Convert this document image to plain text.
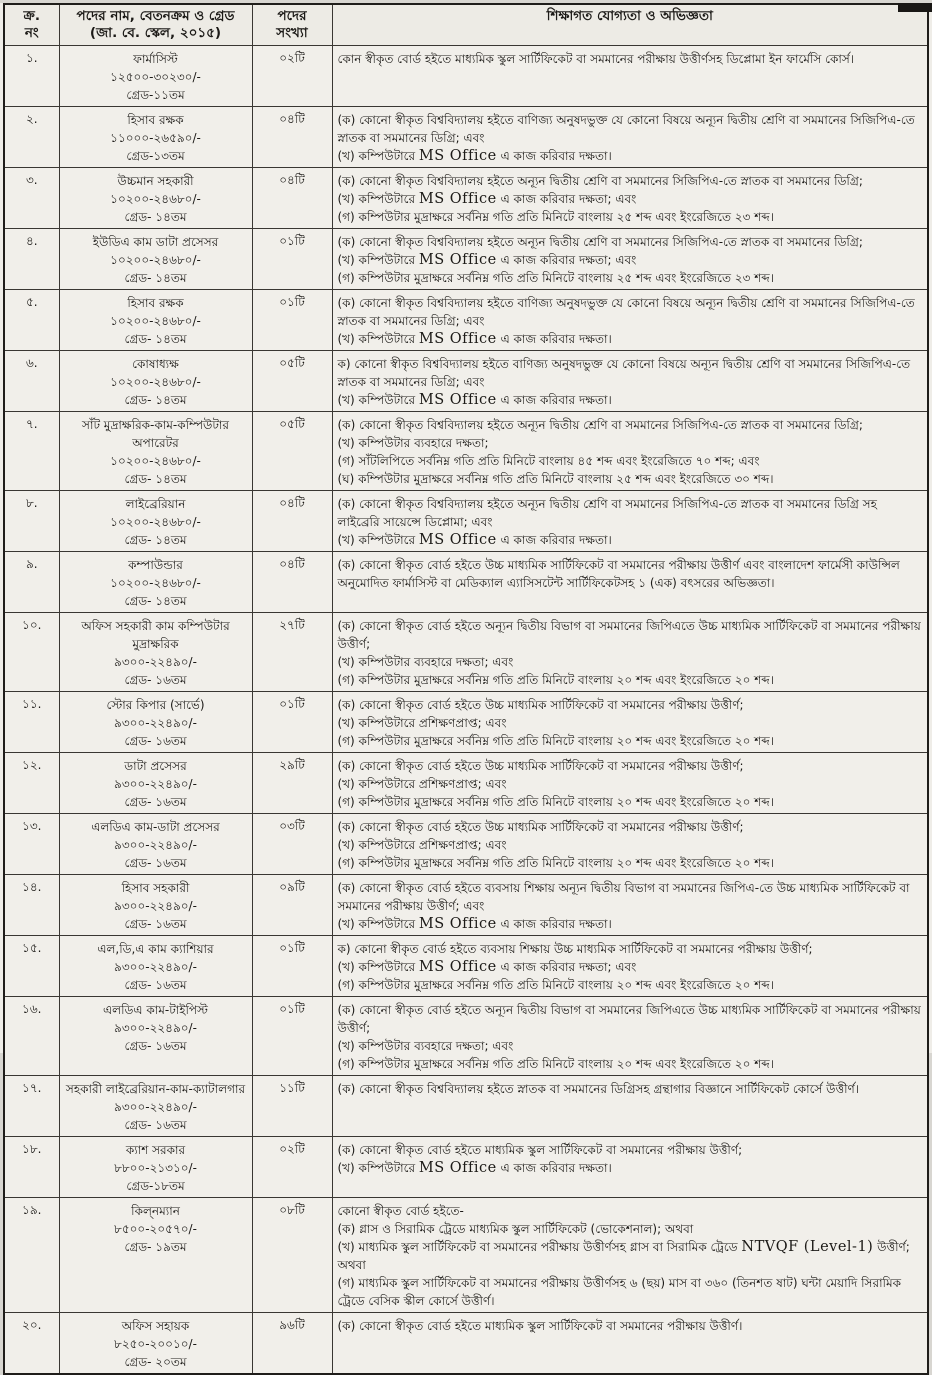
ক্র.
নং

পদের নাম, বেতনক্রম ও গ্রেড
(জা. বে. স্কেল, ২০১৫)

পদের
সংখ্যা
	শিক্ষাগত যোগ্যতা ও অভিজ্ঞতা
১.	ফার্মাসিস্ট
১২৫০০-৩০২৩০/-
গ্রেড-১১তম	০২টি	কোন স্বীকৃত বোর্ড হইতে মাধ্যমিক স্কুল সার্টিফিকেট বা সমমানের পরীক্ষায় উত্তীর্ণসহ ডিপ্লোমা ইন ফার্মেসি কোর্স।

২.	হিসাব রক্ষক
১১০০০-২৬৫৯০/-
গ্রেড-১৩তম
	০৪টি	(ক) কোনো স্বীকৃত বিশ্ববিদ্যালয় হইতে বাণিজ্য অনুষদভুক্ত যে কোনো বিষয়ে অন্যূন দ্বিতীয় শ্রেণি বা সমমানের সিজিপিএ-তে স্নাতক বা সমমানের ডিগ্রি; এবং
(খ) কম্পিউটারে MS Office এ কাজ করিবার দক্ষতা।

৩.	উচ্চমান সহকারী
১০২০০-২৪৬৮০/-
গ্রেড- ১৪তম
	০৪টি	(ক) কোনো স্বীকৃত বিশ্ববিদ্যালয় হইতে অন্যূন দ্বিতীয় শ্রেণি বা সমমানের সিজিপিএ-তে স্নাতক বা সমমানের ডিগ্রি;
(খ) কম্পিউটারে MS Office এ কাজ করিবার দক্ষতা; এবং
(গ) কম্পিউটার মুদ্রাক্ষরে সর্বনিম্ন গতি প্রতি মিনিটে বাংলায় ২৫ শব্দ এবং ইংরেজিতে ২৩ শব্দ।

৪.	ইউডিএ কাম ডাটা প্রসেসর
১০২০০-২৪৬৮০/-
গ্রেড- ১৪তম
	০১টি	(ক) কোনো স্বীকৃত বিশ্ববিদ্যালয় হইতে অন্যূন দ্বিতীয় শ্রেণি বা সমমানের সিজিপিএ-তে স্নাতক বা সমমানের ডিগ্রি;
(খ) কম্পিউটারে MS Office এ কাজ করিবার দক্ষতা; এবং
(গ) কম্পিউটার মুদ্রাক্ষরে সর্বনিম্ন গতি প্রতি মিনিটে বাংলায় ২৫ শব্দ এবং ইংরেজিতে ২৩ শব্দ।

৫.	হিসাব রক্ষক
১০২০০-২৪৬৮০/-
গ্রেড- ১৪তম
	০১টি	(ক) কোনো স্বীকৃত বিশ্ববিদ্যালয় হইতে বাণিজ্য অনুষদভুক্ত যে কোনো বিষয়ে অন্যূন দ্বিতীয় শ্রেণি বা সমমানের সিজিপিএ-তে স্নাতক বা সমমানের ডিগ্রি; এবং
(খ) কম্পিউটারে MS Office এ কাজ করিবার দক্ষতা।

৬.	কোষাধ্যক্ষ
১০২০০-২৪৬৮০/-
গ্রেড- ১৪তম
	০৫টি	ক) কোনো স্বীকৃত বিশ্ববিদ্যালয় হইতে বাণিজ্য অনুষদভুক্ত যে কোনো বিষয়ে অন্যূন দ্বিতীয় শ্রেণি বা সমমানের সিজিপিএ-তে স্নাতক বা সমমানের ডিগ্রি; এবং
(খ) কম্পিউটারে MS Office এ কাজ করিবার দক্ষতা।

৭.	সাঁট মুদ্রাক্ষরিক-কাম-কম্পিউটার অপারেটর
১০২০০-২৪৬৮০/-
গ্রেড- ১৪তম
	০৫টি	(ক) কোনো স্বীকৃত বিশ্ববিদ্যালয় হইতে অন্যূন দ্বিতীয় শ্রেণি বা সমমানের সিজিপিএ-তে স্নাতক বা সমমানের ডিগ্রি;
(খ) কম্পিউটার ব্যবহারে দক্ষতা;
(গ) সাঁটলিপিতে সর্বনিম্ন গতি প্রতি মিনিটে বাংলায় ৪৫ শব্দ এবং ইংরেজিতে ৭০ শব্দ; এবং
(ঘ) কম্পিউটার মুদ্রাক্ষরে সর্বনিম্ন গতি প্রতি মিনিটে বাংলায় ২৫ শব্দ এবং ইংরেজিতে ৩০ শব্দ।

৮.	লাইব্রেরিয়ান
১০২০০-২৪৬৮০/-
গ্রেড- ১৪তম
	০৪টি	(ক) কোনো স্বীকৃত বিশ্ববিদ্যালয় হইতে অন্যূন দ্বিতীয় শ্রেণি বা সমমানের সিজিপিএ-তে স্নাতক বা সমমানের ডিগ্রি সহ লাইব্রেরি সায়েন্সে ডিপ্লোমা; এবং
(খ) কম্পিউটারে MS Office এ কাজ করিবার দক্ষতা।

৯.	কম্পাউন্ডার
১০২০০-২৪৬৮০/-
গ্রেড- ১৪তম	০৪টি	(ক) কোনো স্বীকৃত বোর্ড হইতে উচ্চ মাধ্যমিক সার্টিফিকেট বা সমমানের পরীক্ষায় উত্তীর্ণ এবং বাংলাদেশ ফার্মেসী কাউন্সিল অনুমোদিত ফার্মাসিস্ট বা মেডিক্যাল এ্যাসিসটেন্ট সার্টিফিকেটসহ ১ (এক) বৎসরের অভিজ্ঞতা।

১০.	অফিস সহকারী কাম কম্পিউটার মুদ্রাক্ষরিক
৯৩০০-২২৪৯০/-
গ্রেড- ১৬তম
	২৭টি	(ক) কোনো স্বীকৃত বোর্ড হইতে অন্যূন দ্বিতীয় বিভাগ বা সমমানের জিপিএতে উচ্চ মাধ্যমিক সার্টিফিকেট বা সমমানের পরীক্ষায় উত্তীর্ণ;
(খ) কম্পিউটার ব্যবহারে দক্ষতা; এবং
(গ) কম্পিউটার মুদ্রাক্ষরে সর্বনিম্ন গতি প্রতি মিনিটে বাংলায় ২০ শব্দ এবং ইংরেজিতে ২০ শব্দ।

১১.	স্টোর কিপার (সার্ভে)
৯৩০০-২২৪৯০/-
গ্রেড- ১৬তম
	০১টি	(ক) কোনো স্বীকৃত বোর্ড হইতে উচ্চ মাধ্যমিক সার্টিফিকেট বা সমমানের পরীক্ষায় উত্তীর্ণ;
(খ) কম্পিউটারে প্রশিক্ষণপ্রাপ্ত; এবং
(গ) কম্পিউটার মুদ্রাক্ষরে সর্বনিম্ন গতি প্রতি মিনিটে বাংলায় ২০ শব্দ এবং ইংরেজিতে ২০ শব্দ।

১২.	ডাটা প্রসেসর
৯৩০০-২২৪৯০/-
গ্রেড- ১৬তম
	২৯টি	(ক) কোনো স্বীকৃত বোর্ড হইতে উচ্চ মাধ্যমিক সার্টিফিকেট বা সমমানের পরীক্ষায় উত্তীর্ণ;
(খ) কম্পিউটারে প্রশিক্ষণপ্রাপ্ত; এবং
(গ) কম্পিউটার মুদ্রাক্ষরে সর্বনিম্ন গতি প্রতি মিনিটে বাংলায় ২০ শব্দ এবং ইংরেজিতে ২০ শব্দ।

১৩.	এলডিএ কাম-ডাটা প্রসেসর
৯৩০০-২২৪৯০/-
গ্রেড- ১৬তম
	০৩টি	(ক) কোনো স্বীকৃত বোর্ড হইতে উচ্চ মাধ্যমিক সার্টিফিকেট বা সমমানের পরীক্ষায় উত্তীর্ণ;
(খ) কম্পিউটারে প্রশিক্ষণপ্রাপ্ত; এবং
(গ) কম্পিউটার মুদ্রাক্ষরে সর্বনিম্ন গতি প্রতি মিনিটে বাংলায় ২০ শব্দ এবং ইংরেজিতে ২০ শব্দ।

১৪.	হিসাব সহকারী
৯৩০০-২২৪৯০/-
গ্রেড- ১৬তম
	০৯টি	(ক) কোনো স্বীকৃত বোর্ড হইতে ব্যবসায় শিক্ষায় অন্যূন দ্বিতীয় বিভাগ বা সমমানের জিপিএ-তে উচ্চ মাধ্যমিক সার্টিফিকেট বা সমমানের পরীক্ষায় উত্তীর্ণ; এবং
(খ) কম্পিউটারে MS Office এ কাজ করিবার দক্ষতা।

১৫.	এল,ডি,এ কাম ক্যাশিয়ার
৯৩০০-২২৪৯০/-
গ্রেড- ১৬তম
	০১টি	ক) কোনো স্বীকৃত বোর্ড হইতে ব্যবসায় শিক্ষায় উচ্চ মাধ্যমিক সার্টিফিকেট বা সমমানের পরীক্ষায় উত্তীর্ণ;
(খ) কম্পিউটারে MS Office এ কাজ করিবার দক্ষতা; এবং
(গ) কম্পিউটার মুদ্রাক্ষরে সর্বনিম্ন গতি প্রতি মিনিটে বাংলায় ২০ শব্দ এবং ইংরেজিতে ২০ শব্দ।

১৬.	এলডিএ কাম-টাইপিস্ট
৯৩০০-২২৪৯০/-
গ্রেড- ১৬তম
	০১টি	(ক) কোনো স্বীকৃত বোর্ড হইতে অন্যূন দ্বিতীয় বিভাগ বা সমমানের জিপিএতে উচ্চ মাধ্যমিক সার্টিফিকেট বা সমমানের পরীক্ষায় উত্তীর্ণ;
(খ) কম্পিউটার ব্যবহারে দক্ষতা; এবং
(গ) কম্পিউটার মুদ্রাক্ষরে সর্বনিম্ন গতি প্রতি মিনিটে বাংলায় ২০ শব্দ এবং ইংরেজিতে ২০ শব্দ।

১৭.	সহকারী লাইব্রেরিয়ান-কাম-ক্যাটালগার
৯৩০০-২২৪৯০/-
গ্রেড- ১৬তম	১১টি	(ক) কোনো স্বীকৃত বিশ্ববিদ্যালয় হইতে স্নাতক বা সমমানের ডিগ্রিসহ গ্রন্থাগার বিজ্ঞানে সার্টিফিকেট কোর্সে উত্তীর্ণ।

১৮.	ক্যাশ সরকার
৮৮০০-২১৩১০/-
গ্রেড-১৮তম
	০২টি	(ক) কোনো স্বীকৃত বোর্ড হইতে মাধ্যমিক স্কুল সার্টিফিকেট বা সমমানের পরীক্ষায় উত্তীর্ণ;
(খ) কম্পিউটারে MS Office এ কাজ করিবার দক্ষতা।

১৯.	কিল্নম্যান
৮৫০০-২০৫৭০/-
গ্রেড- ১৯তম
	০৮টি	কোনো স্বীকৃত বোর্ড হইতে-
(ক) গ্লাস ও সিরামিক ট্রেডে মাধ্যমিক স্কুল সার্টিফিকেট (ভোকেশনাল); অথবা
(খ) মাধ্যমিক স্কুল সার্টিফিকেট বা সমমানের পরীক্ষায় উত্তীর্ণসহ গ্লাস বা সিরামিক ট্রেডে NTVQF (Level-1) উত্তীর্ণ; অথবা
(গ) মাধ্যমিক স্কুল সার্টিফিকেট বা সমমানের পরীক্ষায় উত্তীর্ণসহ ৬ (ছয়) মাস বা ৩৬০ (তিনশত ষাট) ঘন্টা মেয়াদি সিরামিক ট্রেডে বেসিক স্কীল কোর্সে উত্তীর্ণ।

২০.	অফিস সহায়ক
৮২৫০-২০০১০/-
গ্রেড- ২০তম	৯৬টি	(ক) কোনো স্বীকৃত বোর্ড হইতে মাধ্যমিক স্কুল সার্টিফিকেট বা সমমানের পরীক্ষায় উত্তীর্ণ।
